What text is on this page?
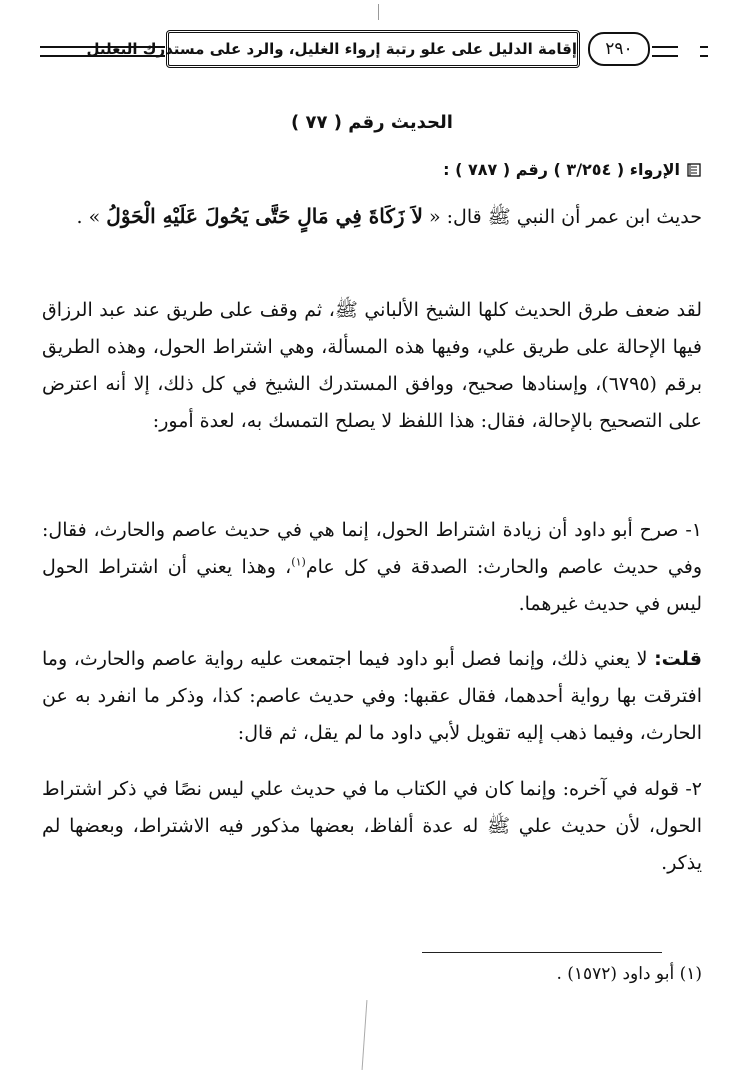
إقامة الدليل على علو رتبة إرواء الغليل، والرد على مستدرك التعليل	٢٩٠
الحديث رقم ( ٧٧ )
الإرواء ( ٣/٢٥٤ ) رقم ( ٧٨٧ ) :
حديث ابن عمر أن النبي ﷺ قال: « لاَ زَكَاةَ فِي مَالٍ حَتَّى يَحُولَ عَلَيْهِ الْحَوْلُ » .
لقد ضعف طرق الحديث كلها الشيخ الألباني ﷺ، ثم وقف على طريق عند عبد الرزاق فيها الإحالة على طريق علي، وفيها هذه المسألة، وهي اشتراط الحول، وهذه الطريق برقم (٦٧٩٥)، وإسنادها صحيح، ووافق المستدرك الشيخ في كل ذلك، إلا أنه اعترض على التصحيح بالإحالة، فقال: هذا اللفظ لا يصلح التمسك به، لعدة أمور:
١- صرح أبو داود أن زيادة اشتراط الحول، إنما هي في حديث عاصم والحارث، فقال: وفي حديث عاصم والحارث: الصدقة في كل عام$^{(١)}$، وهذا يعني أن اشتراط الحول ليس في حديث غيرهما.
قلت: لا يعني ذلك، وإنما فصل أبو داود فيما اجتمعت عليه رواية عاصم والحارث، وما افترقت بها رواية أحدهما، فقال عقبها: وفي حديث عاصم: كذا، وذكر ما انفرد به عن الحارث، وفيما ذهب إليه تقويل لأبي داود ما لم يقل، ثم قال:
٢- قوله في آخره: وإنما كان في الكتاب ما في حديث علي ليس نصًا في ذكر اشتراط الحول، لأن حديث علي ﷺ له عدة ألفاظ، بعضها مذكور فيه الاشتراط، وبعضها لم يذكر.
(١) أبو داود (١٥٧٢) .
